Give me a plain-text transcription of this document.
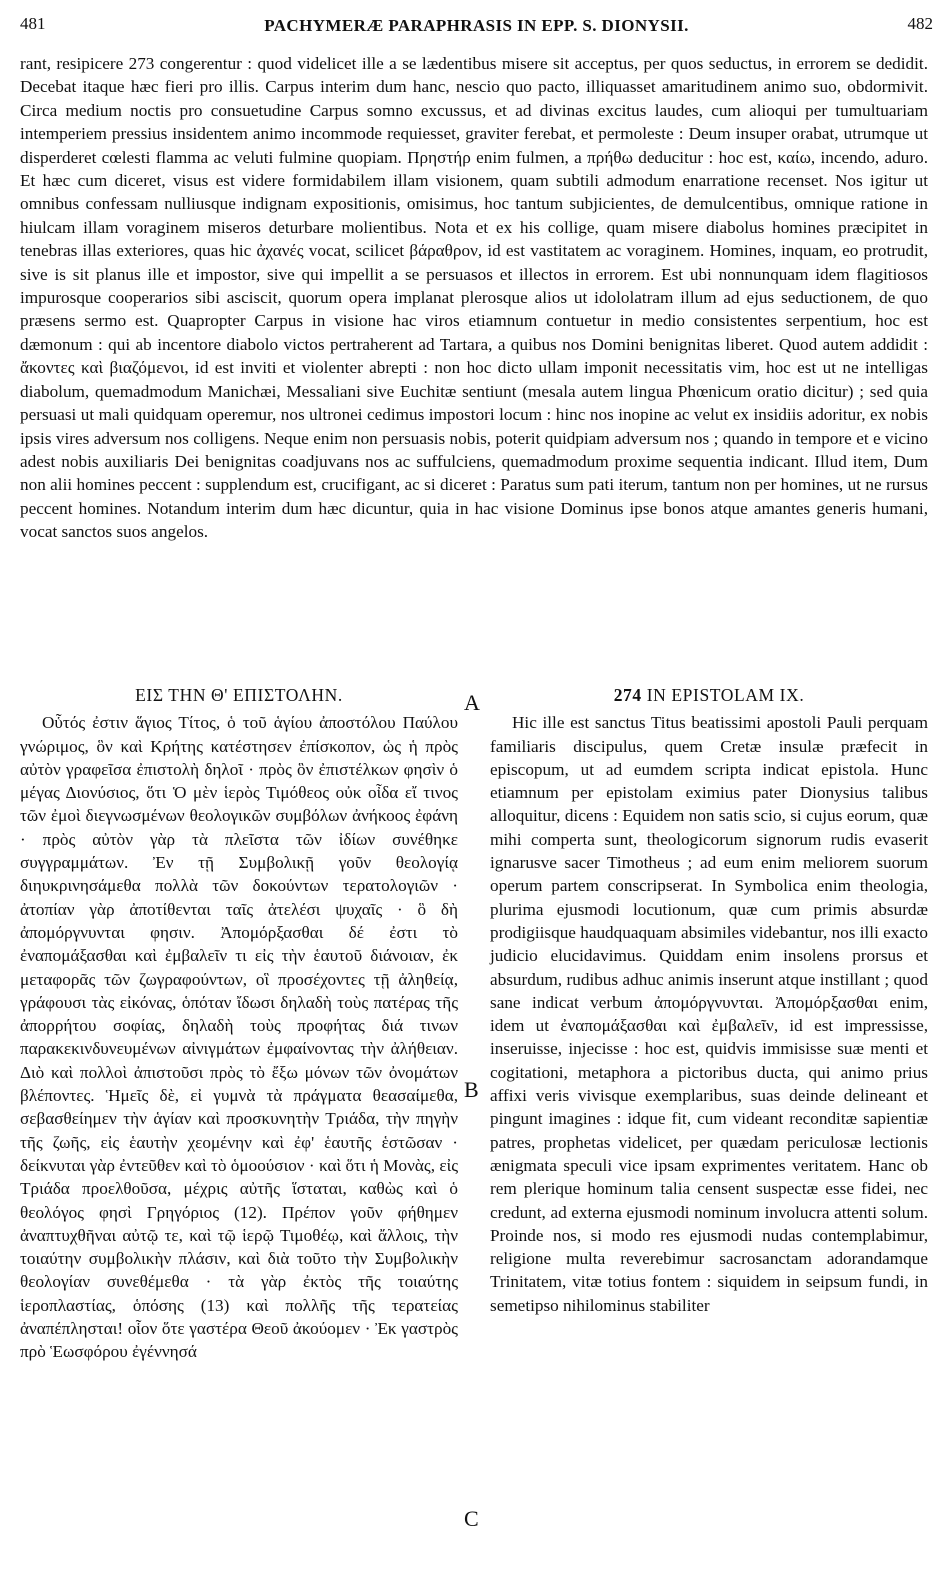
481	PACHYMERÆ PARAPHRASIS IN EPP. S. DIONYSII.	482
rant, resipicere 273 congerentur : quod videlicet ille a se lædentibus misere sit acceptus, per quos seductus, in errorem se dedidit. Decebat itaque hæc fieri pro illis. Carpus interim dum hanc, nescio quo pacto, illiquasset amaritudinem animo suo, obdormivit. Circa medium noctis pro consuetudine Carpus somno excussus, et ad divinas excitus laudes, cum alioqui per tumultuariam intemperiem pressius insidentem animo incommode requiesset, graviter ferebat, et permoleste : Deum insuper orabat, utrumque ut disperderet cœlesti flamma ac veluti fulmine quopiam. Πρηστήρ enim fulmen, a πρήθω deducitur : hoc est, καίω, incendo, aduro. Et hæc cum diceret, visus est videre formidabilem illam visionem, quam subtili admodum enarratione recenset. Nos igitur ut omnibus confessam nulliusque indignam expositionis, omisimus, hoc tantum subjicientes, de demulcentibus, omnique ratione in hiulcam illam voraginem miseros deturbare molientibus. Nota et ex his collige, quam misere diabolus homines præcipitet in tenebras illas exteriores, quas hic ἀχανές vocat, scilicet βάραθρον, id est vastitatem ac voraginem. Homines, inquam, eo protrudit, sive is sit planus ille et impostor, sive qui impellit a se persuasos et illectos in errorem. Est ubi nonnunquam idem flagitiosos impurosque cooperarios sibi asciscit, quorum opera implanat plerosque alios ut idololatram illum ad ejus seductionem, de quo præsens sermo est. Quapropter Carpus in visione hac viros etiamnum contuetur in medio consistentes serpentium, hoc est dæmonum : qui ab incentore diabolo victos pertraherent ad Tartara, a quibus nos Domini benignitas liberet. Quod autem addidit : ἄκοντες καὶ βιαζόμενοι, id est inviti et violenter abrepti : non hoc dicto ullam imponit necessitatis vim, hoc est ut ne intelligas diabolum, quemadmodum Manichæi, Messaliani sive Euchitæ sentiunt (mesala autem lingua Phœnicum oratio dicitur) ; sed quia persuasi ut mali quidquam operemur, nos ultronei cedimus impostori locum : hinc nos inopine ac velut ex insidiis adoritur, ex nobis ipsis vires adversum nos colligens. Neque enim non persuasis nobis, poterit quidpiam adversum nos ; quando in tempore et e vicino adest nobis auxiliaris Dei benignitas coadjuvans nos ac suffulciens, quemadmodum proxime sequentia indicant. Illud item, Dum non alii homines peccent : supplendum est, crucifigant, ac si diceret : Paratus sum pati iterum, tantum non per homines, ut ne rursus peccent homines. Notandum interim dum hæc dicuntur, quia in hac visione Dominus ipse bonos atque amantes generis humani, vocat sanctos suos angelos.
ΕΙΣ ΤΗΝ Θ' ΕΠΙΣΤΟΛΗΝ.

Οὗτός ἐστιν ἅγιος Τίτος, ὁ τοῦ ἁγίου ἀποστόλου Παύλου γνώριμος, ὃν καὶ Κρήτης κατέστησεν ἐπίσκοπον, ὡς ἡ πρὸς αὐτὸν γραφεῖσα ἐπιστολὴ δηλοῖ · πρὸς ὃν ἐπιστέλκων φησὶν ὁ μέγας Διονύσιος, ὅτι Ὁ μὲν ἱερὸς Τιμόθεος οὐκ οἶδα εἴ τινος τῶν ἐμοὶ διεγνωσμένων θεολογικῶν συμβόλων ἀνήκοος ἐφάνη · πρὸς αὐτὸν γὰρ τὰ πλεῖστα τῶν ἰδίων συνέθηκε συγγραμμάτων. Ἐν τῇ Συμβολικῇ γοῦν θεολογίᾳ διηυκρινησάμεθα πολλὰ τῶν δοκούντων τερατολογιῶν · ἀτοπίαν γὰρ ἀποτίθενται ταῖς ἀτελέσι ψυχαῖς · ὃ δὴ ἀπομόργνυνται φησιν. Ἀπομόρξασθαι δέ ἐστι τὸ ἐναπομάξασθαι καὶ ἐμβαλεῖν τι εἰς τὴν ἑαυτοῦ διάνοιαν, ἐκ μεταφορᾶς τῶν ζωγραφούντων, οἳ προσέχοντες τῇ ἀληθείᾳ, γράφουσι τὰς εἰκόνας, ὁπόταν ἴδωσι δηλαδὴ τοὺς πατέρας τῆς ἀπορρήτου σοφίας, δηλαδὴ τοὺς προφήτας διά τινων παρακεκινδυνευμένων αἰνιγμάτων ἐμφαίνοντας τὴν ἀλήθειαν. Διὸ καὶ πολλοὶ ἀπιστοῦσι πρὸς τὸ ἔξω μόνων τῶν ὀνομάτων βλέποντες. Ἡμεῖς δὲ, εἰ γυμνὰ τὰ πράγματα θεασαίμεθα, σεβασθείημεν τὴν ἁγίαν καὶ προσκυνητὴν Τριάδα, τὴν πηγὴν τῆς ζωῆς, εἰς ἑαυτὴν χεομένην καὶ ἐφ' ἑαυτῆς ἑστῶσαν · δείκνυται γὰρ ἐντεῦθεν καὶ τὸ ὁμοούσιον · καὶ ὅτι ἡ Μονὰς, εἰς Τριάδα προελθοῦσα, μέχρις αὐτῆς ἵσταται, καθὼς καὶ ὁ θεολόγος φησὶ Γρηγόριος (12). Πρέπον γοῦν φήθημεν ἀναπτυχθῆναι αὐτῷ τε, καὶ τῷ ἱερῷ Τιμοθέῳ, καὶ ἄλλοις, τὴν τοιαύτην συμβολικὴν πλάσιν, καὶ διὰ τοῦτο τὴν Συμβολικὴν θεολογίαν συνεθέμεθα · τὰ γὰρ ἐκτὸς τῆς τοιαύτης ἱεροπλαστίας, ὁπόσης (13) καὶ πολλῆς τῆς τερατείας ἀναπέπλησται! οἷον ὅτε γαστέρα Θεοῦ ἀκούομεν · Ἐκ γαστρὸς πρὸ Ἑωσφόρου ἐγέννησά

274 IN EPISTOLAM IX.

Hic ille est sanctus Titus beatissimi apostoli Pauli perquam familiaris discipulus, quem Cretæ insulæ præfecit in episcopum, ut ad eumdem scripta indicat epistola. Hunc etiamnum per epistolam eximius pater Dionysius talibus alloquitur, dicens : Equidem non satis scio, si cujus eorum, quæ mihi comperta sunt, theologicorum signorum rudis evaserit ignarusve sacer Timotheus ; ad eum enim meliorem suorum operum partem conscripserat. In Symbolica enim theologia, plurima ejusmodi locutionum, quæ cum primis absurdæ prodigiisque haudquaquam absimiles videbantur, nos illi exacto judicio elucidavimus. Quiddam enim insolens prorsus et absurdum, rudibus adhuc animis inserunt atque instillant ; quod sane indicat verbum ἀπομόργνυνται. Ἀπομόρξασθαι enim, idem ut ἐναπομάξασθαι καὶ ἐμβαλεῖν, id est impressisse, inseruisse, injecisse : hoc est, quidvis immisisse suæ menti et cogitationi, metaphora a pictoribus ducta, qui animo prius affixi veris vivisque exemplaribus, suas deinde delineant et pingunt imagines : idque fit, cum videant reconditæ sapientiæ patres, prophetas videlicet, per quædam periculosæ lectionis ænigmata speculi vice ipsam exprimentes veritatem. Hanc ob rem plerique hominum talia censent suspectæ esse fidei, nec credunt, ad externa ejusmodi nominum involucra attenti solum. Proinde nos, si modo res ejusmodi nudas contemplabimur, religione multa reverebimur sacrosanctam adorandamque Trinitatem, vitæ totius fontem : siquidem in seipsum fundi, in semetipso nihilominus stabiliter

A
B
C
